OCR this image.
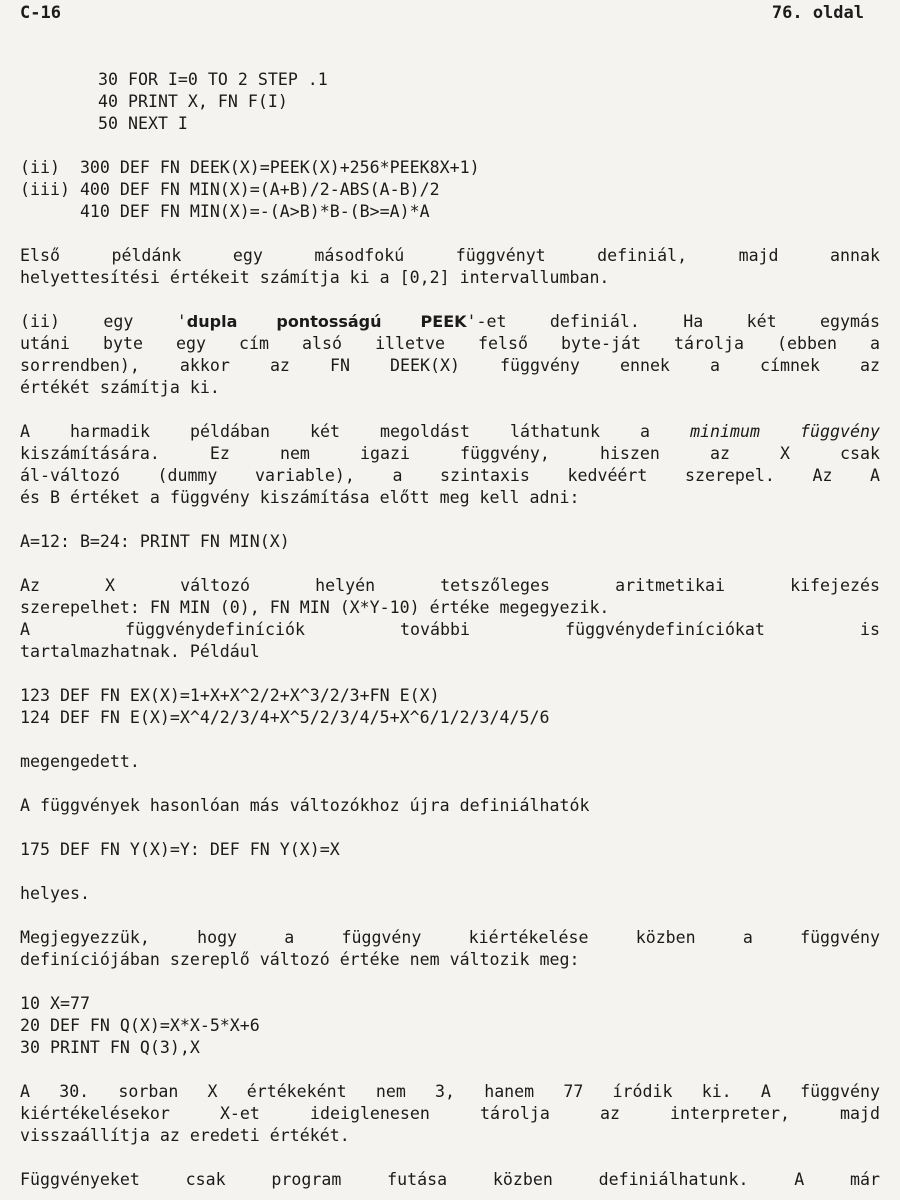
C-16	76. oldal
30 FOR I=0 TO 2 STEP .1
40 PRINT X, FN F(I)
50 NEXT I
(ii)  300 DEF FN DEEK(X)=PEEK(X)+256*PEEK8X+1)
(iii) 400 DEF FN MIN(X)=(A+B)/2-ABS(A-B)/2
410 DEF FN MIN(X)=-(A>B)*B-(B>=A)*A
Első példánk egy másodfokú függvényt definiál, majd annak
helyettesítési értékeit számítja ki a [0,2] intervallumban.
(ii) egy 'dupla pontosságú PEEK'-et definiál. Ha két egymás
utáni byte egy cím alsó illetve felső byte-ját tárolja (ebben a
sorrendben), akkor az FN DEEK(X) függvény ennek a címnek az
értékét számítja ki.
A harmadik példában két megoldást láthatunk a minimum függvény
kiszámítására. Ez nem igazi függvény, hiszen az X csak
ál-változó (dummy variable), a szintaxis kedvéért szerepel. Az A
és B értéket a függvény kiszámítása előtt meg kell adni:
A=12: B=24: PRINT FN MIN(X)
Az X változó helyén tetszőleges aritmetikai kifejezés
szerepelhet: FN MIN (0), FN MIN (X*Y-10) értéke megegyezik.
A függvénydefiníciók további függvénydefiníciókat is
tartalmazhatnak. Például
123 DEF FN EX(X)=1+X+X^2/2+X^3/2/3+FN E(X)
124 DEF FN E(X)=X^4/2/3/4+X^5/2/3/4/5+X^6/1/2/3/4/5/6
megengedett.
A függvények hasonlóan más változókhoz újra definiálhatók
175 DEF FN Y(X)=Y: DEF FN Y(X)=X
helyes.
Megjegyezzük, hogy a függvény kiértékelése közben a függvény
definíciójában szereplő változó értéke nem változik meg:
10 X=77
20 DEF FN Q(X)=X*X-5*X+6
30 PRINT FN Q(3),X
A 30. sorban X értékeként nem 3, hanem 77 íródik ki. A függvény
kiértékelésekor X-et ideiglenesen tárolja az interpreter, majd
visszaállítja az eredeti értékét.
Függvényeket csak program futása közben definiálhatunk. A már
